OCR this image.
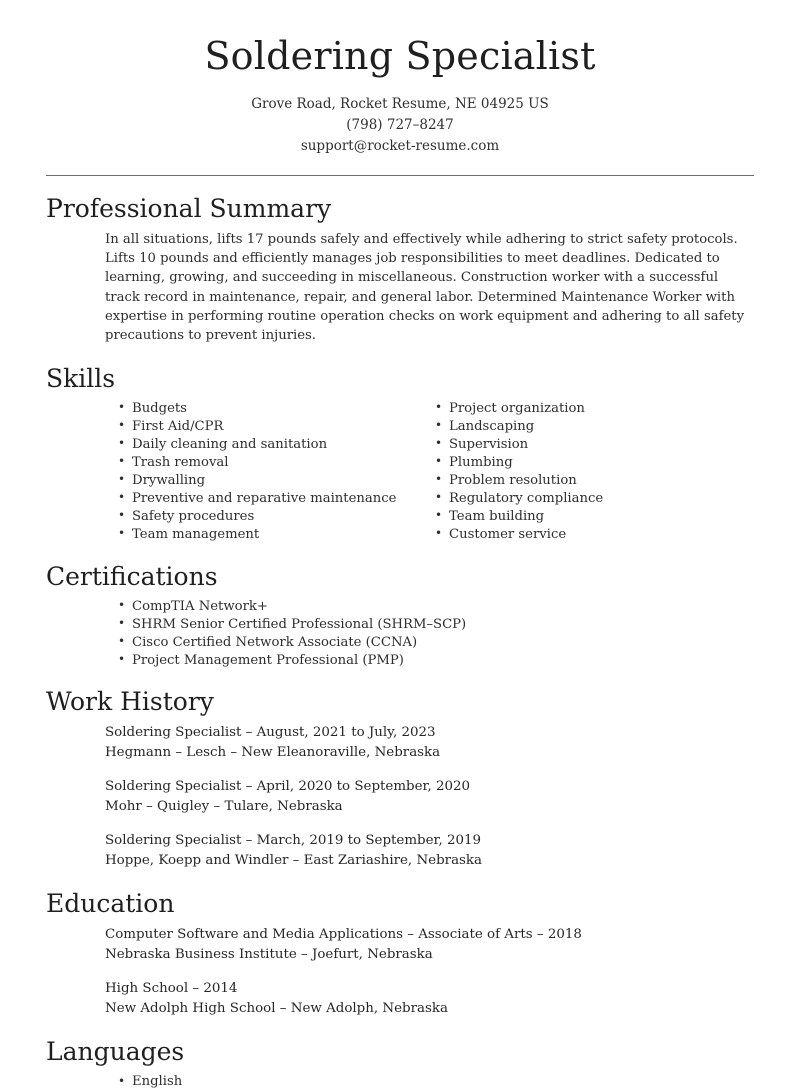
Soldering Specialist
Grove Road, Rocket Resume, NE 04925 US
(798) 727–8247
support@rocket-resume.com
Professional Summary

In all situations, lifts 17 pounds safely and effectively while adhering to strict safety protocols. Lifts 10 pounds and efficiently manages job responsibilities to meet deadlines. Dedicated to learning, growing, and succeeding in miscellaneous. Construction worker with a successful track record in maintenance, repair, and general labor. Determined Maintenance Worker with expertise in performing routine operation checks on work equipment and adhering to all safety precautions to prevent injuries.

Skills
• Budgets
• First Aid/CPR
• Daily cleaning and sanitation
• Trash removal
• Drywalling
• Preventive and reparative maintenance
• Safety procedures
• Team management
• Project organization
• Landscaping
• Supervision
• Plumbing
• Problem resolution
• Regulatory compliance
• Team building
• Customer service
Certifications
• CompTIA Network+
• SHRM Senior Certified Professional (SHRM–SCP)
• Cisco Certified Network Associate (CCNA)
• Project Management Professional (PMP)
Work History
Soldering Specialist – August, 2021 to July, 2023
Hegmann – Lesch – New Eleanoraville, Nebraska
Soldering Specialist – April, 2020 to September, 2020
Mohr – Quigley – Tulare, Nebraska
Soldering Specialist – March, 2019 to September, 2019
Hoppe, Koepp and Windler – East Zariashire, Nebraska
Education
Computer Software and Media Applications – Associate of Arts – 2018
Nebraska Business Institute – Joefurt, Nebraska
High School – 2014
New Adolph High School – New Adolph, Nebraska
Languages
• English
